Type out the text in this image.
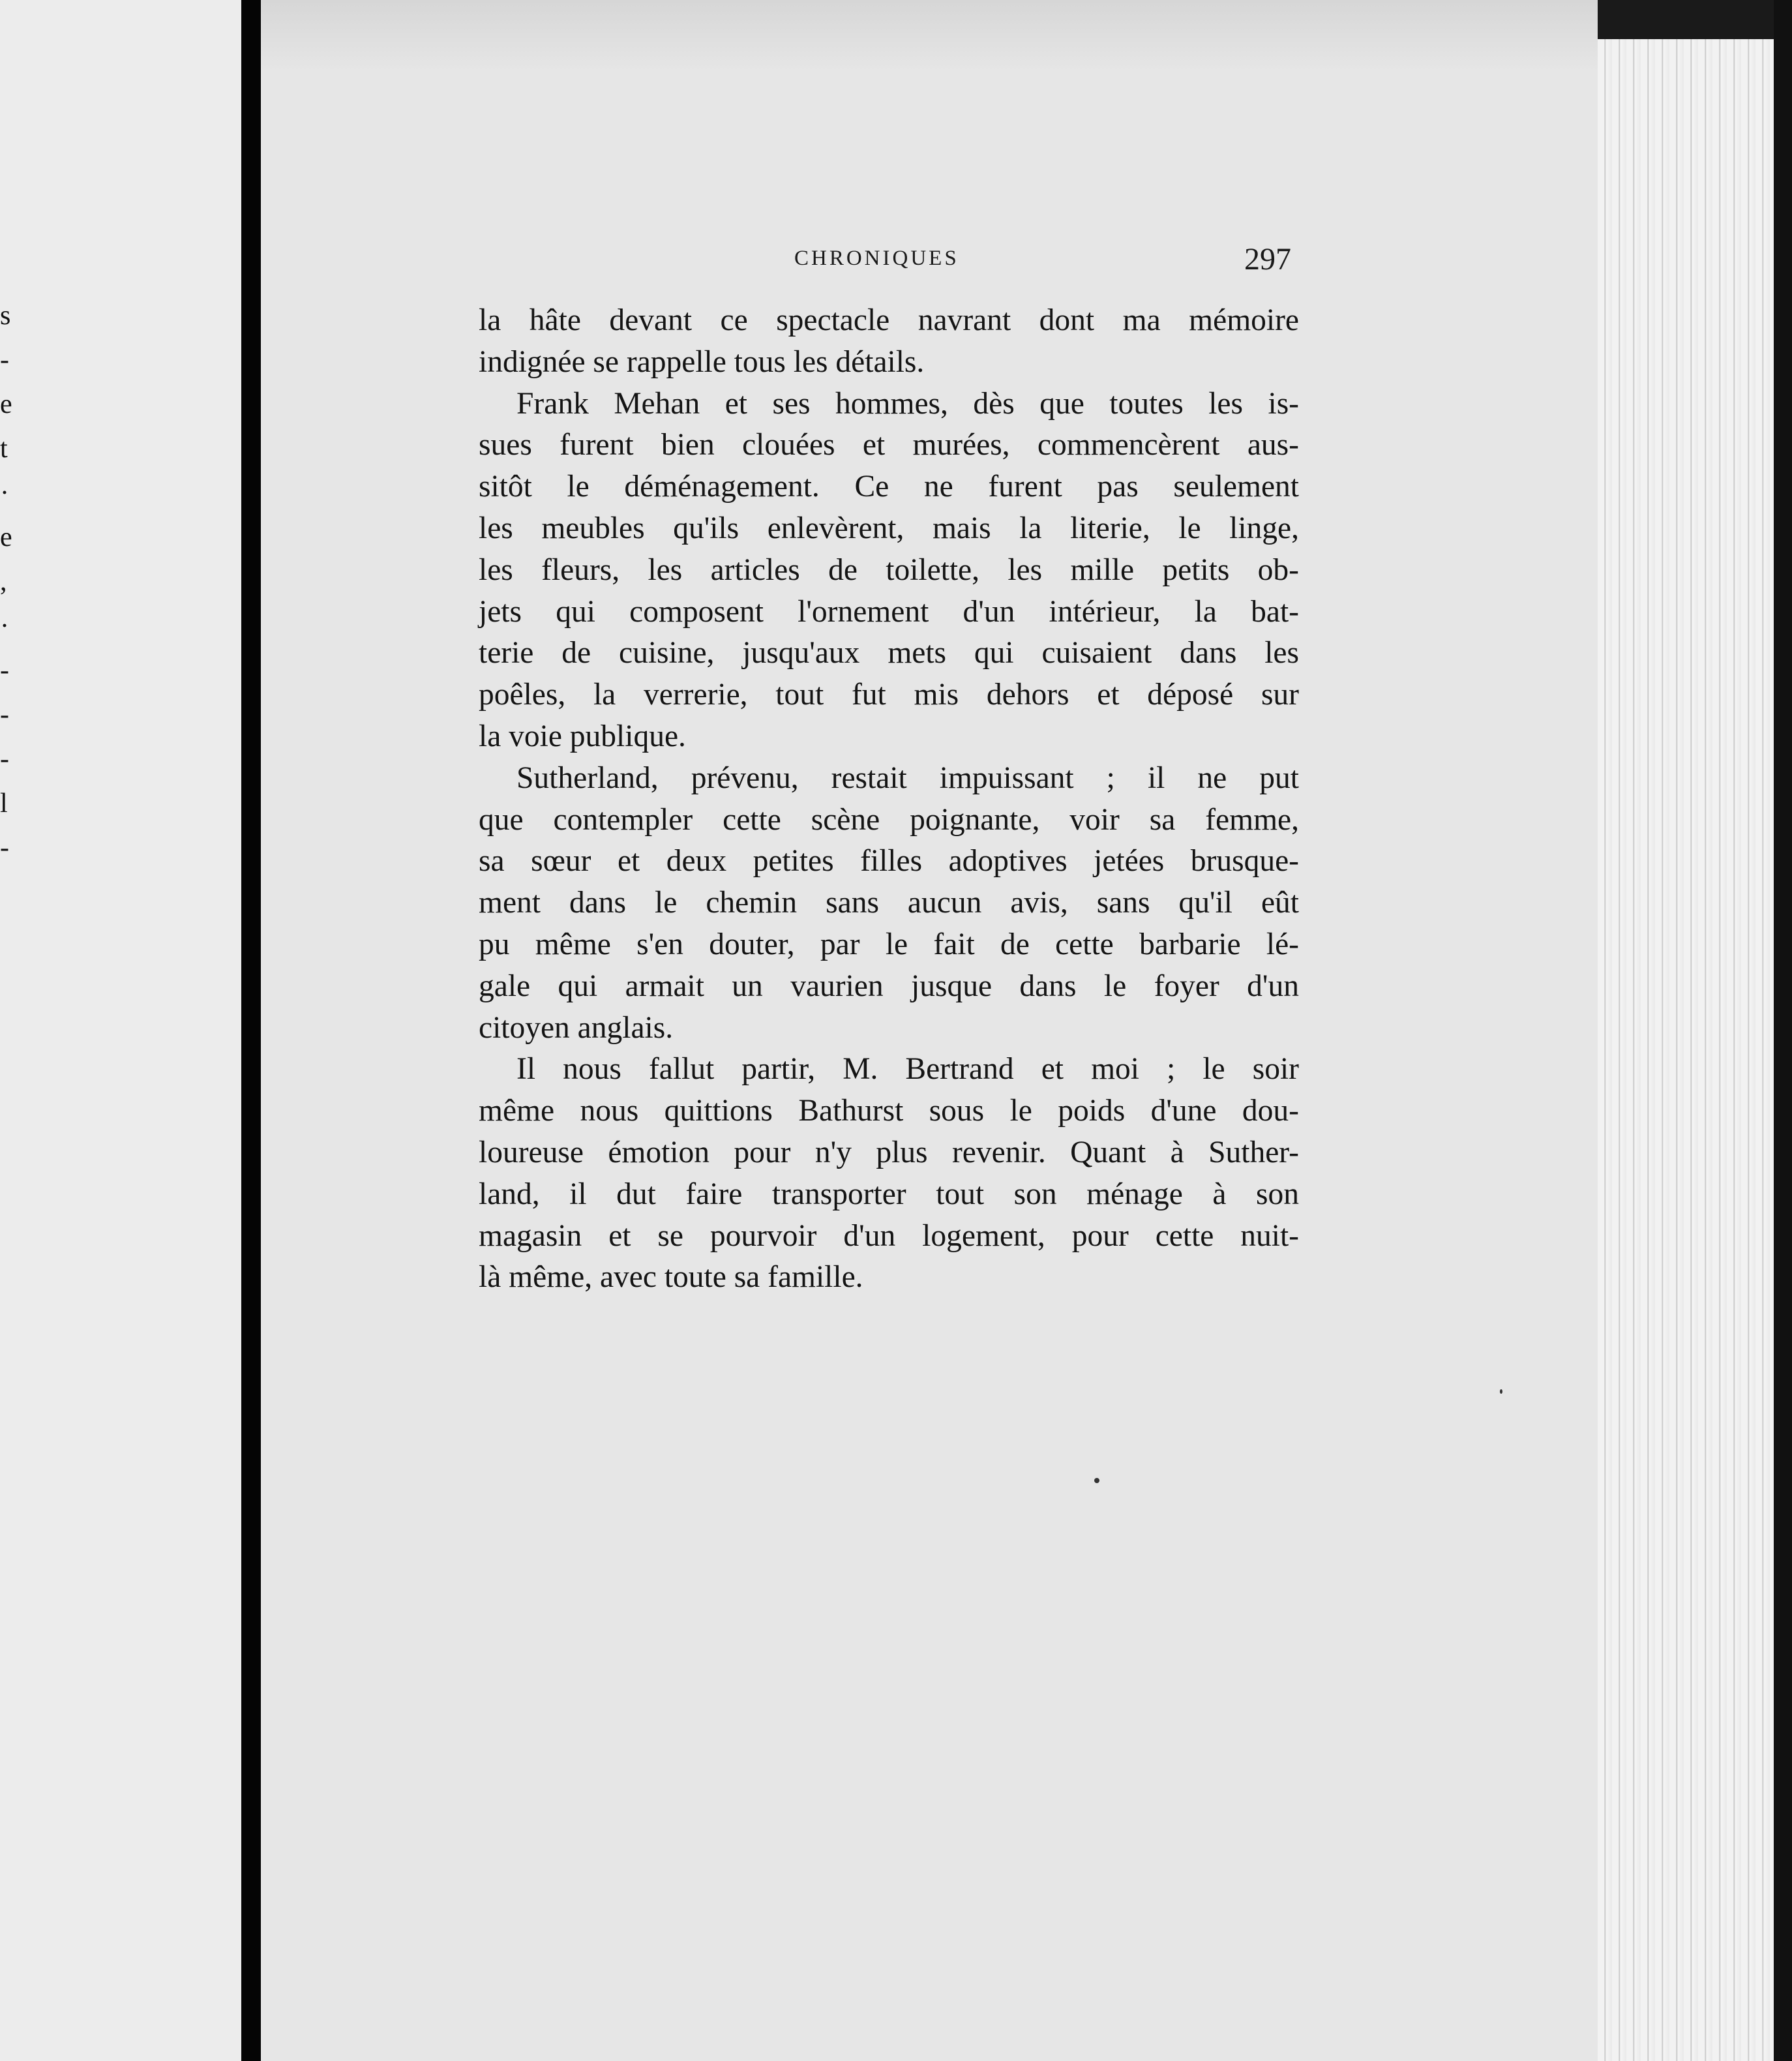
s
-
e
t
·
e
,
·
-
-
-
l
-
CHRONIQUES	297

la hâte devant ce spectacle navrant dont ma mémoire
indignée se rappelle tous les détails.

Frank Mehan et ses hommes, dès que toutes les is-
sues furent bien clouées et murées, commencèrent aus-
sitôt le déménagement. Ce ne furent pas seulement
les meubles qu'ils enlevèrent, mais la literie, le linge,
les fleurs, les articles de toilette, les mille petits ob-
jets qui composent l'ornement d'un intérieur, la bat-
terie de cuisine, jusqu'aux mets qui cuisaient dans les
poêles, la verrerie, tout fut mis dehors et déposé sur
la voie publique.

Sutherland, prévenu, restait impuissant ; il ne put
que contempler cette scène poignante, voir sa femme,
sa sœur et deux petites filles adoptives jetées brusque-
ment dans le chemin sans aucun avis, sans qu'il eût
pu même s'en douter, par le fait de cette barbarie lé-
gale qui armait un vaurien jusque dans le foyer d'un
citoyen anglais.

Il nous fallut partir, M. Bertrand et moi ; le soir
même nous quittions Bathurst sous le poids d'une dou-
loureuse émotion pour n'y plus revenir. Quant à Suther-
land, il dut faire transporter tout son ménage à son
magasin et se pourvoir d'un logement, pour cette nuit-
là même, avec toute sa famille.
